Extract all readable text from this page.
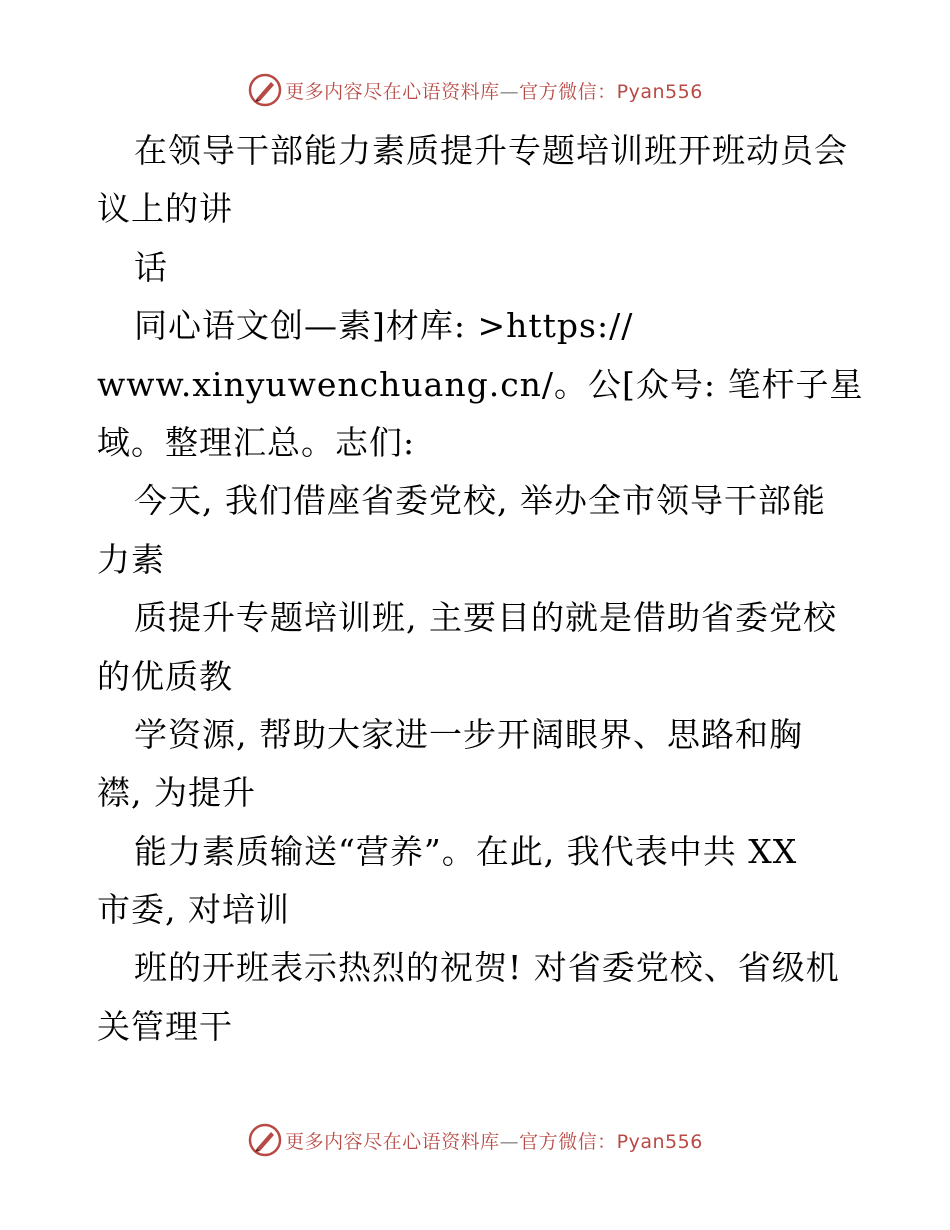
更多内容尽在心语资料库—官方微信：Pyan556
在领导干部能力素质提升专题培训班开班动员会
议上的讲
话
同心语文创—素]材库: >https://
www.xinyuwenchuang.cn/。公[众号: 笔杆子星
域。整理汇总。志们:
今天, 我们借座省委党校, 举办全市领导干部能
力素
质提升专题培训班, 主要目的就是借助省委党校
的优质教
学资源, 帮助大家进一步开阔眼界、思路和胸
襟, 为提升
能力素质输送“营养”。在此, 我代表中共 XX
市委, 对培训
班的开班表示热烈的祝贺! 对省委党校、省级机
关管理干
更多内容尽在心语资料库—官方微信：Pyan556
